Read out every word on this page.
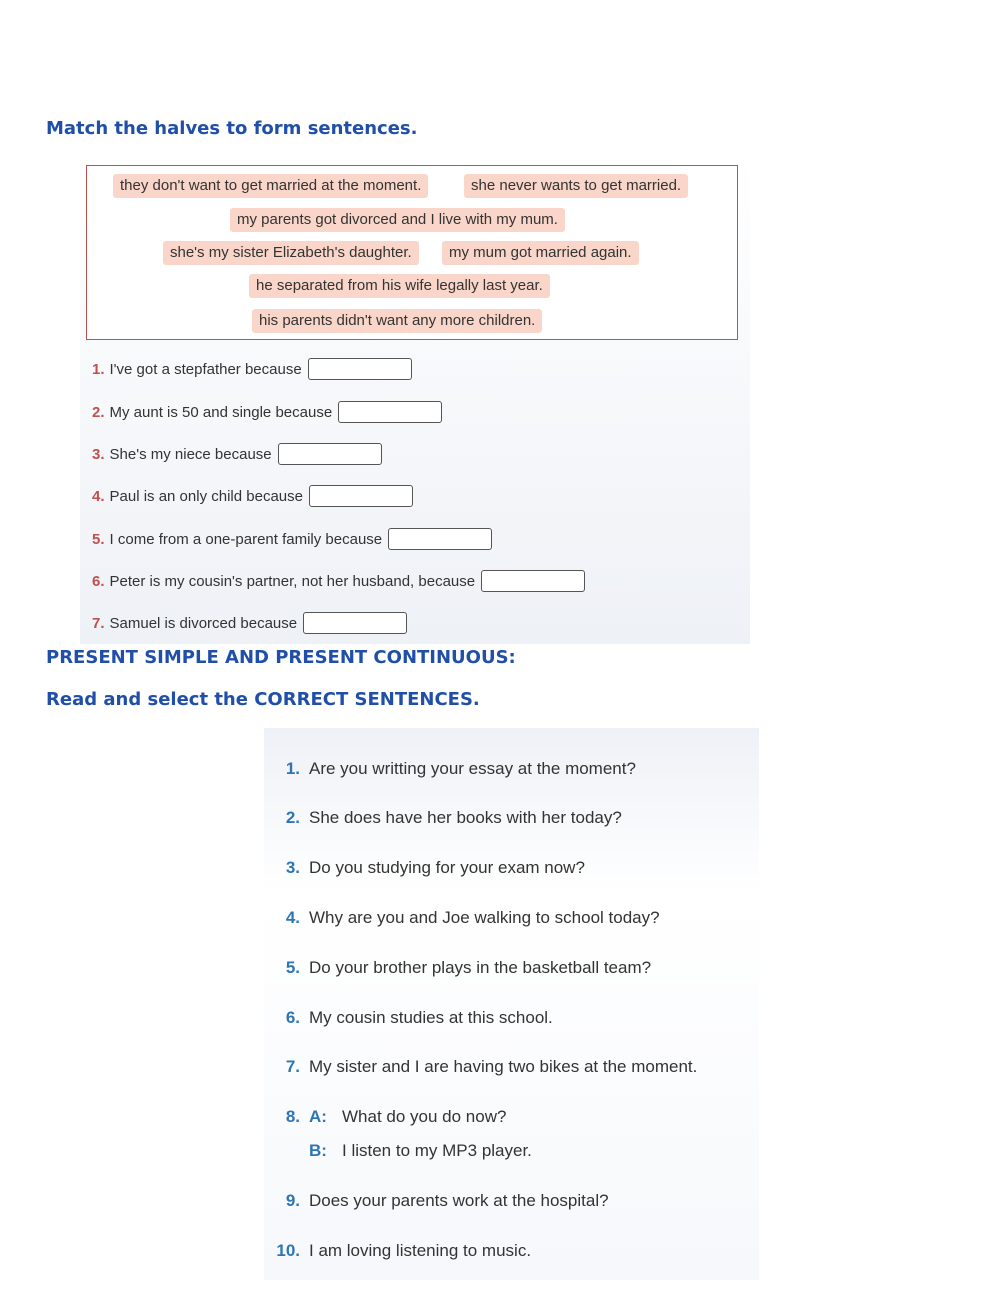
Match the halves to form sentences.
they don't want to get married at the moment.	she never wants to get married.
my parents got divorced and I live with my mum.
she's my sister Elizabeth's daughter.	my mum got married again.
he separated from his wife legally last year.
his parents didn't want any more children.
1. I've got a stepfather because
2. My aunt is 50 and single because
3. She's my niece because
4. Paul is an only child because
5. I come from a one-parent family because
6. Peter is my cousin's partner, not her husband, because
7. Samuel is divorced because
PRESENT SIMPLE AND PRESENT CONTINUOUS:
Read and select the CORRECT SENTENCES.
1. Are you writting your essay at the moment?
2. She does have her books with her today?
3. Do you studying for your exam now?
4. Why are you and Joe walking to school today?
5. Do your brother plays in the basketball team?
6. My cousin studies at this school.
7. My sister and I are having two bikes at the moment.
8. A: What do you do now?
B: I listen to my MP3 player.
9. Does your parents work at the hospital?
10. I am loving listening to music.
